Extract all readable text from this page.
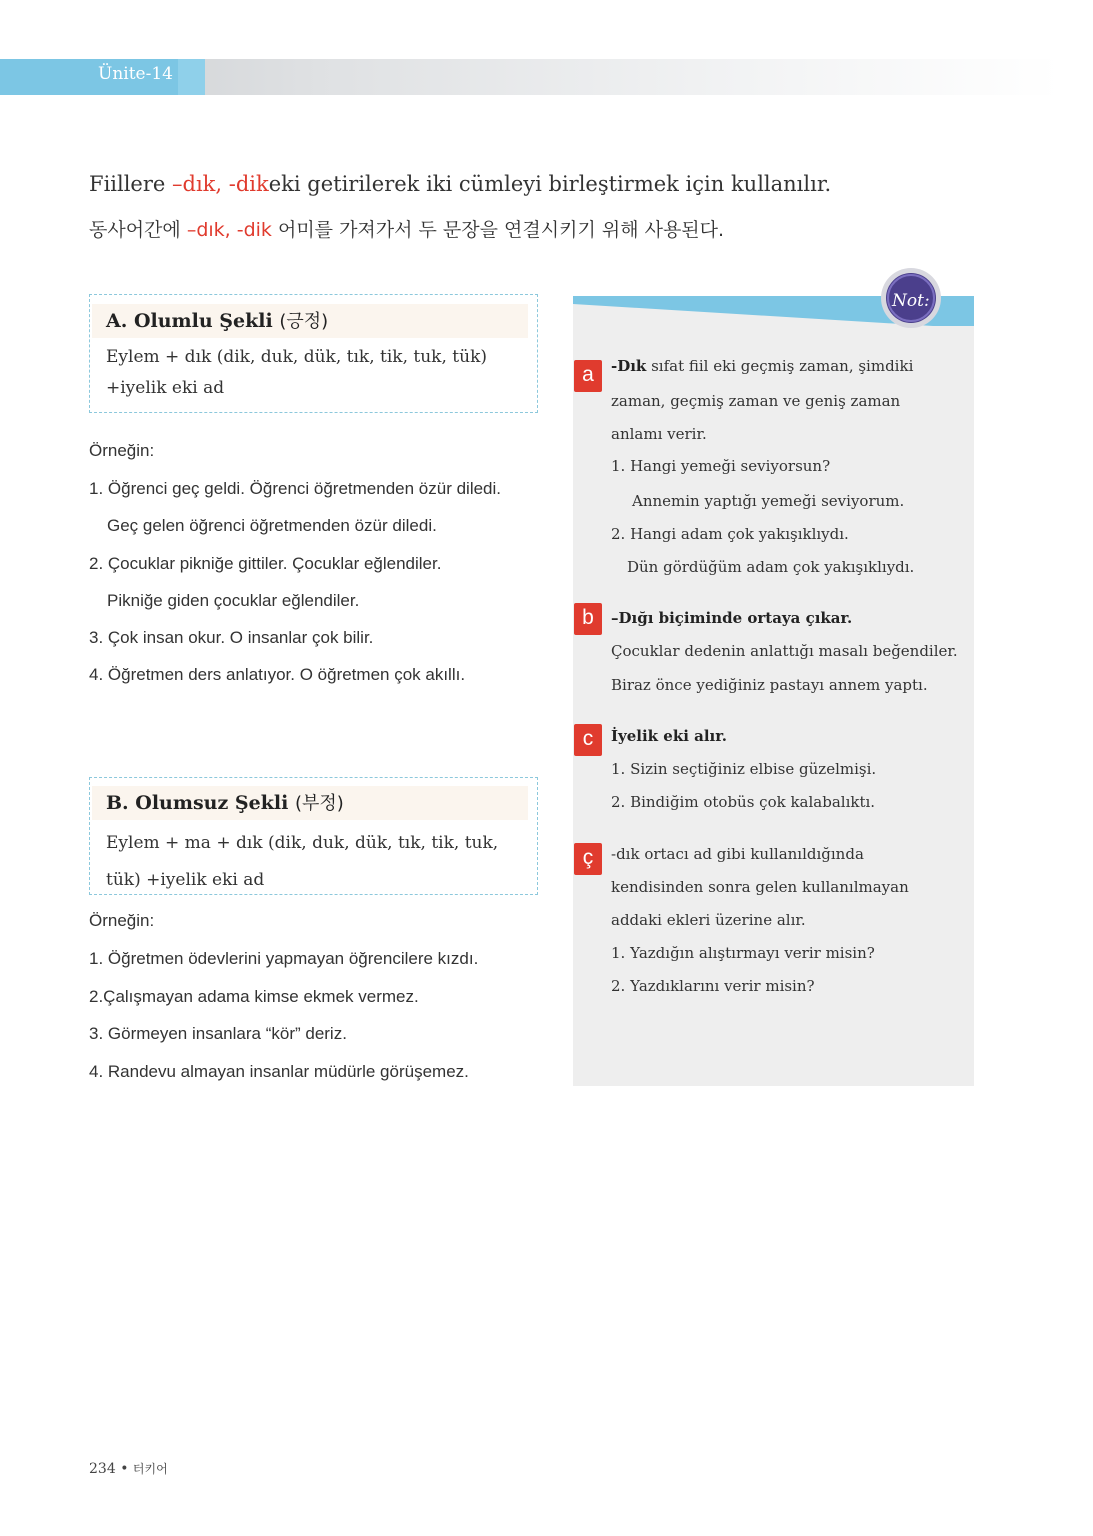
Ünite-14
Fiillere –dık, -dikeki getirilerek iki cümleyi birleştirmek için kullanılır.
동사어간에 –dık, -dik 어미를 가져가서 두 문장을 연결시키기 위해 사용된다.
A. Olumlu Şekli (긍정)
Eylem + dık (dik, duk, dük, tık, tik, tuk, tük)
+iyelik eki ad
Örneğin:
1. Öğrenci geç geldi. Öğrenci öğretmenden özür diledi.
Geç gelen öğrenci öğretmenden özür diledi.
2. Çocuklar pikniğe gittiler. Çocuklar eğlendiler.
Pikniğe giden çocuklar eğlendiler.
3. Çok insan okur. O insanlar çok bilir.
4. Öğretmen ders anlatıyor. O öğretmen çok akıllı.
B. Olumsuz Şekli (부정)
Eylem + ma + dık (dik, duk, dük, tık, tik, tuk,
tük) +iyelik eki ad
Örneğin:
1. Öğretmen ödevlerini yapmayan öğrencilere kızdı.
2.Çalışmayan adama kimse ekmek vermez.
3. Görmeyen insanlara “kör” deriz.
4. Randevu almayan insanlar müdürle görüşemez.
Not:
a	-Dık sıfat fiil eki geçmiş zaman, şimdiki
zaman, geçmiş zaman ve geniş zaman
anlamı verir.
1. Hangi yemeği seviyorsun?
Annemin yaptığı yemeği seviyorum.
2. Hangi adam çok yakışıklıydı.
Dün gördüğüm adam çok yakışıklıydı.
b	–Dığı biçiminde ortaya çıkar.
Çocuklar dedenin anlattığı masalı beğendiler.
Biraz önce yediğiniz pastayı annem yaptı.
c	İyelik eki alır.
1. Sizin seçtiğiniz elbise güzelmişi.
2. Bindiğim otobüs çok kalabalıktı.
ç	-dık ortacı ad gibi kullanıldığında
kendisinden sonra gelen kullanılmayan
addaki ekleri üzerine alır.
1. Yazdığın alıştırmayı verir misin?
2. Yazdıklarını verir misin?
234 • 터키어
